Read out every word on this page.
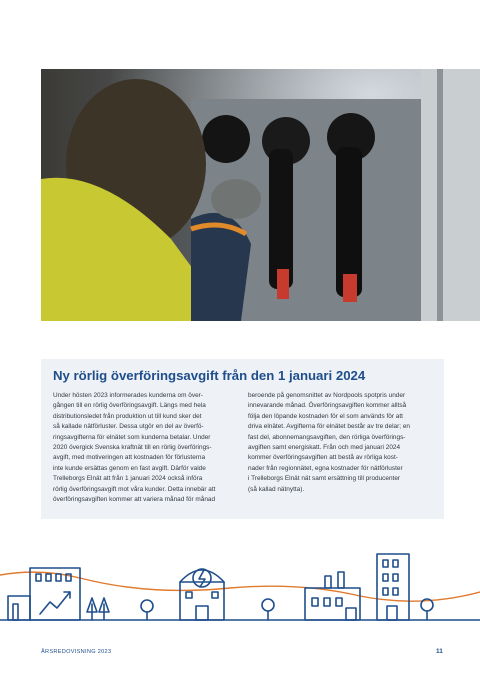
Ny rörlig överföringsavgift från den 1 januari 2024

Under hösten 2023 informerades kunderna om över-
gången till en rörlig överföringsavgift. Längs med hela
distributionsledet från produktion ut till kund sker det
så kallade nätförluster. Dessa utgör en del av överfö-
ringsavgifterna för elnätet som kunderna betalar. Under
2020 övergick Svenska kraftnät till en rörlig överförings-
avgift, med motiveringen att kostnaden för förlusterna
inte kunde ersättas genom en fast avgift. Därför valde
Trelleborgs Elnät att från 1 januari 2024 också införa
rörlig överföringsavgift mot våra kunder. Detta innebär att
överföringsavgiften kommer att variera månad för månad

beroende på genomsnittet av Nordpools spotpris under
innevarande månad. Överföringsavgiften kommer alltså
följa den löpande kostnaden för el som används för att
driva elnätet. Avgifterna för elnätet består av tre delar; en
fast del, abonnemangsavgiften, den rörliga överförings-
avgiften samt energiskatt. Från och med januari 2024
kommer överföringsavgiften att bestå av rörliga kost-
nader från regionnätet, egna kostnader för nätförluster
i Trelleborgs Elnät nät samt ersättning till producenter
(så kallad nätnytta).

ÅRSREDOVISNING 2023	11
